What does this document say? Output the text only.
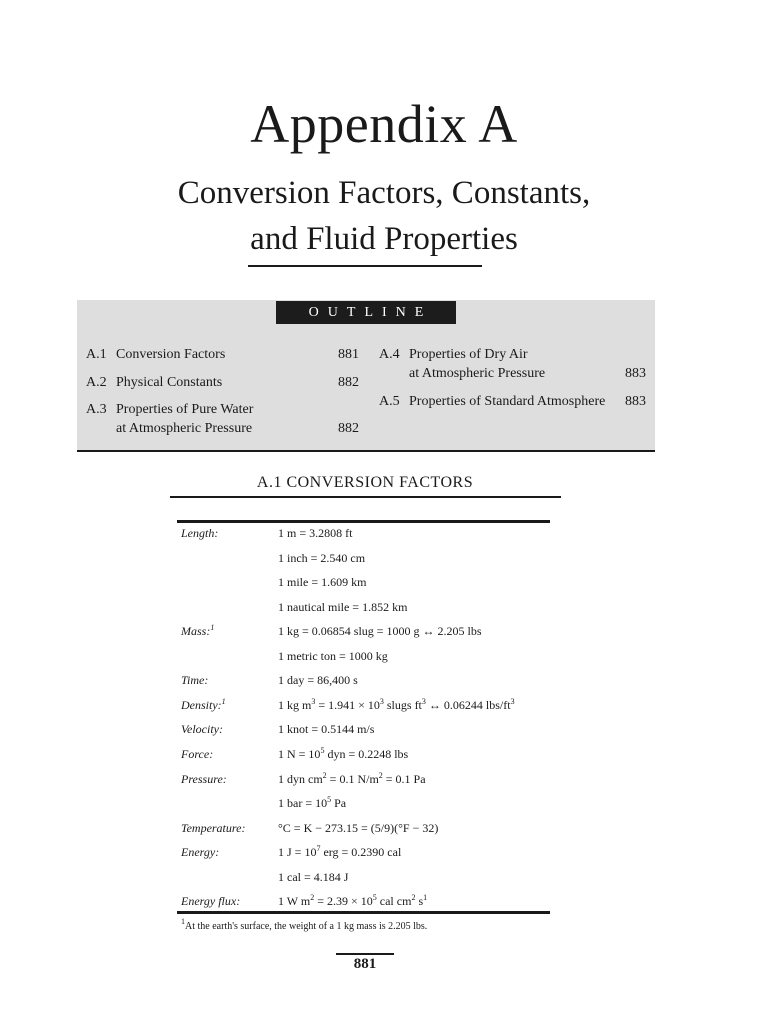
Appendix A
Conversion Factors, Constants,
and Fluid Properties
OUTLINE
A.1 Conversion Factors	881
A.2 Physical Constants	882
A.3 Properties of Pure Water
at Atmospheric Pressure	882
A.4 Properties of Dry Air
at Atmospheric Pressure	883
A.5 Properties of Standard Atmosphere 883
A.1 CONVERSION FACTORS
Length:	1 m = 3.2808 ft
1 inch = 2.540 cm
1 mile = 1.609 km
1 nautical mile = 1.852 km
Mass:$^1$	1 kg = 0.06854 slug = 1000 g ↔ 2.205 lbs
1 metric ton = 1000 kg
Time:	1 day = 86,400 s
Density:$^1$	1 kg $m^3 = 1.941 \times 10^3$ slugs $ft^3$ ↔ 0.06244 lbs/$ft^3$
Velocity:	1 knot = 0.5144 m/s
Force:	1 $N = 10^5$ dyn = 0.2248 lbs
Pressure:	1 dyn $cm^2 = 0.1$ $N/m^2 = 0.1$ Pa
1 bar = $10^5$ Pa
Temperature:	°C = K − 273.15 = (5/9)(°F − 32)
Energy:	1 $J = 10^7$ erg = 0.2390 cal
1 cal = 4.184 J
Energy flux:	1 W $m^2 = 2.39 \times 10^5$ cal $cm^2$ $s^1$
$^1$At the earth's surface, the weight of a 1 kg mass is 2.205 lbs.
881
